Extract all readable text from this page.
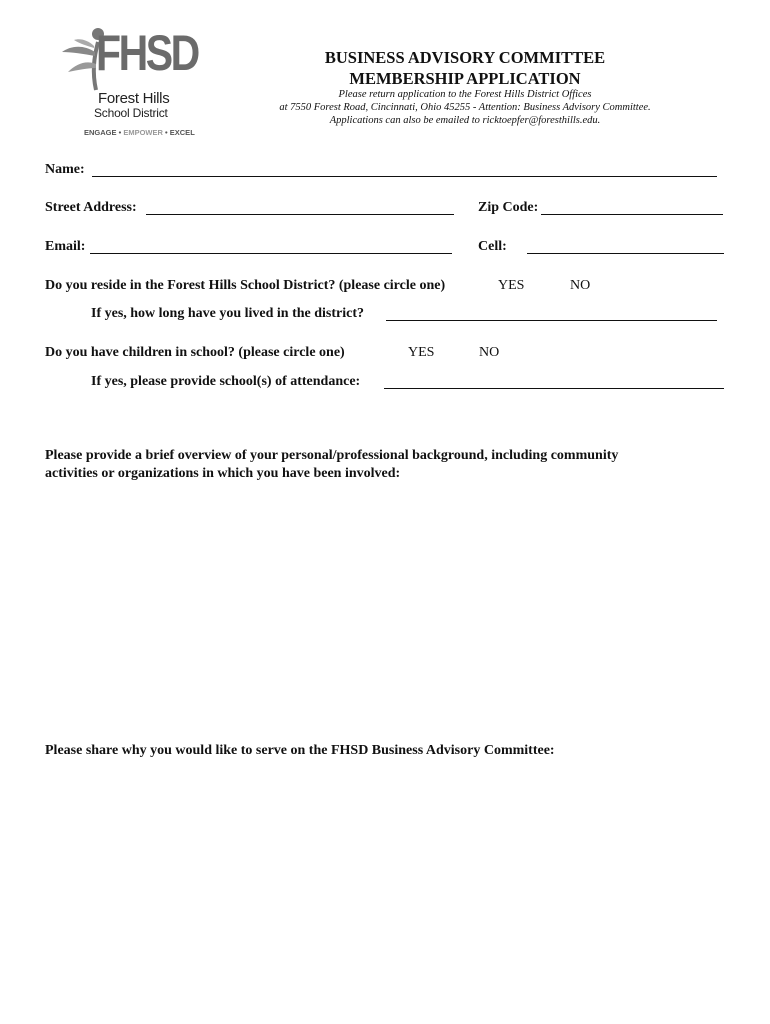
FHSD
Forest Hills
School District
ENGAGE • EMPOWER • EXCEL
BUSINESS ADVISORY COMMITTEE
MEMBERSHIP APPLICATION
Please return application to the Forest Hills District Offices
at 7550 Forest Road, Cincinnati, Ohio 45255 - Attention: Business Advisory Committee.
Applications can also be emailed to ricktoepfer@foresthills.edu.
Name:
Street Address:	Zip Code:
Email:	Cell:
Do you reside in the Forest Hills School District? (please circle one)	YES	NO
If yes, how long have you lived in the district?
Do you have children in school? (please circle one)	YES	NO
If yes, please provide school(s) of attendance:
Please provide a brief overview of your personal/professional background, including community
activities or organizations in which you have been involved:
Please share why you would like to serve on the FHSD Business Advisory Committee:
